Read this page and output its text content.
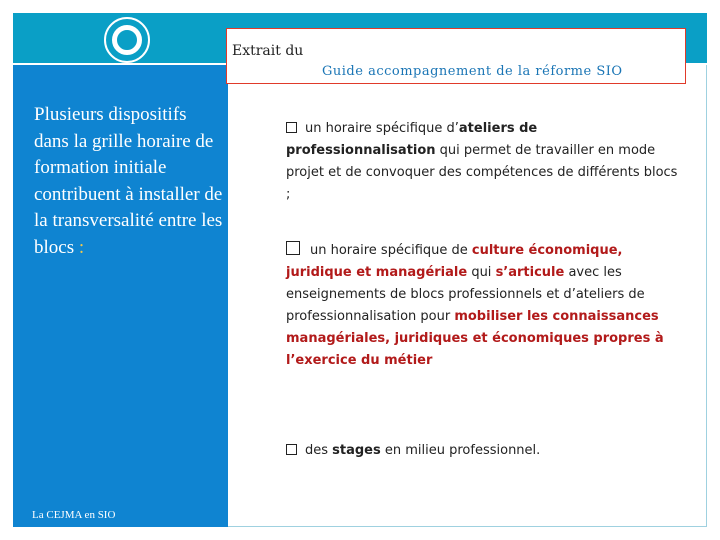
Extrait du
Guide accompagnement de la réforme SIO
Plusieurs dispositifs dans la grille horaire de formation initiale contribuent à installer de la transversalité entre les blocs :
La CEJMA en SIO
un horaire spécifique d’ateliers de professionnalisation qui permet de travailler en mode projet et de convoquer des compétences de différents blocs ;
un horaire spécifique de culture économique, juridique et managériale qui s’articule avec les enseignements de blocs professionnels et d’ateliers de professionnalisation pour mobiliser les connaissances managériales, juridiques et économiques propres à l’exercice du métier
des stages en milieu professionnel.
